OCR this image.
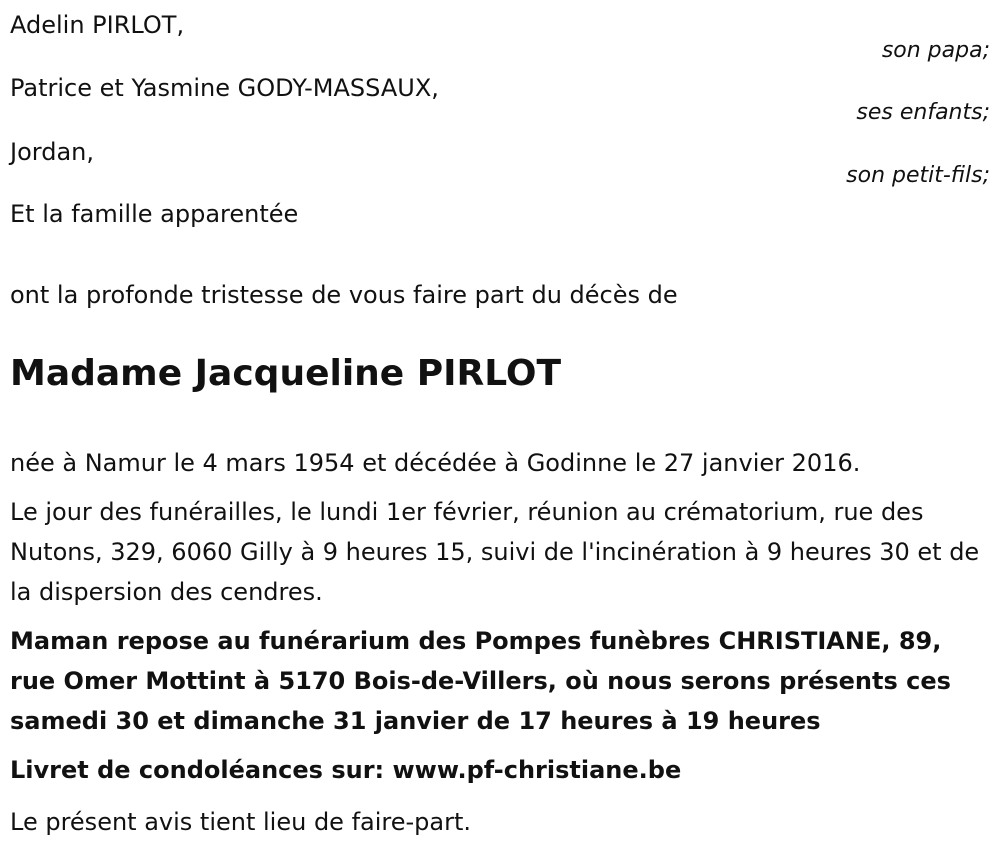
Adelin PIRLOT,
son papa;
Patrice et Yasmine GODY-MASSAUX,
ses enfants;
Jordan,
son petit-fils;
Et la famille apparentée
ont la profonde tristesse de vous faire part du décès de
Madame Jacqueline PIRLOT
née à Namur le 4 mars 1954 et décédée à Godinne le 27 janvier 2016.
Le jour des funérailles, le lundi 1er février, réunion au crématorium, rue des Nutons, 329, 6060 Gilly à 9 heures 15, suivi de l'incinération à 9 heures 30 et de la dispersion des cendres.
Maman repose au funérarium des Pompes funèbres CHRISTIANE, 89, rue Omer Mottint à 5170 Bois-de-Villers, où nous serons présents ces samedi 30 et dimanche 31 janvier de 17 heures à 19 heures
Livret de condoléances sur: www.pf-christiane.be
Le présent avis tient lieu de faire-part.
